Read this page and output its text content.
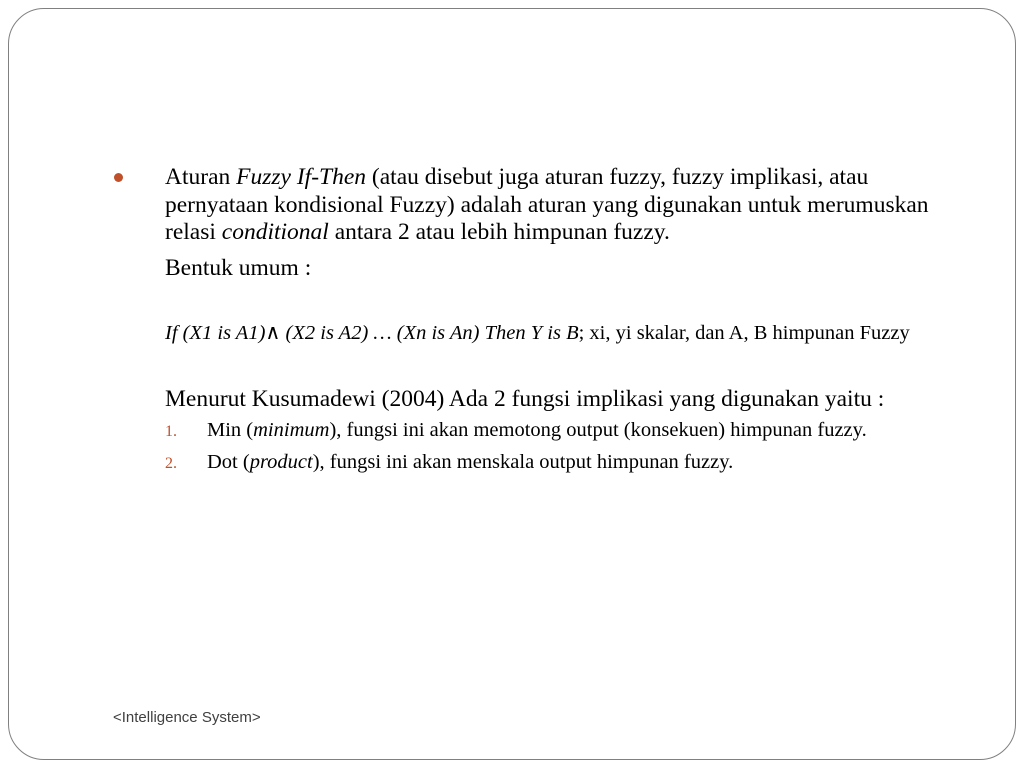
Aturan Fuzzy If-Then (atau disebut juga aturan fuzzy, fuzzy implikasi, atau pernyataan kondisional Fuzzy) adalah aturan yang digunakan untuk merumuskan relasi conditional antara 2 atau lebih himpunan fuzzy.

Bentuk umum :

If (X1 is A1)∧ (X2 is A2) … (Xn is An) Then Y is B; xi, yi skalar, dan A, B himpunan Fuzzy

Menurut Kusumadewi (2004) Ada 2 fungsi implikasi yang digunakan yaitu :

1. Min (minimum), fungsi ini akan memotong output (konsekuen) himpunan fuzzy.
2. Dot (product), fungsi ini akan menskala output himpunan fuzzy.
<Intelligence System>
